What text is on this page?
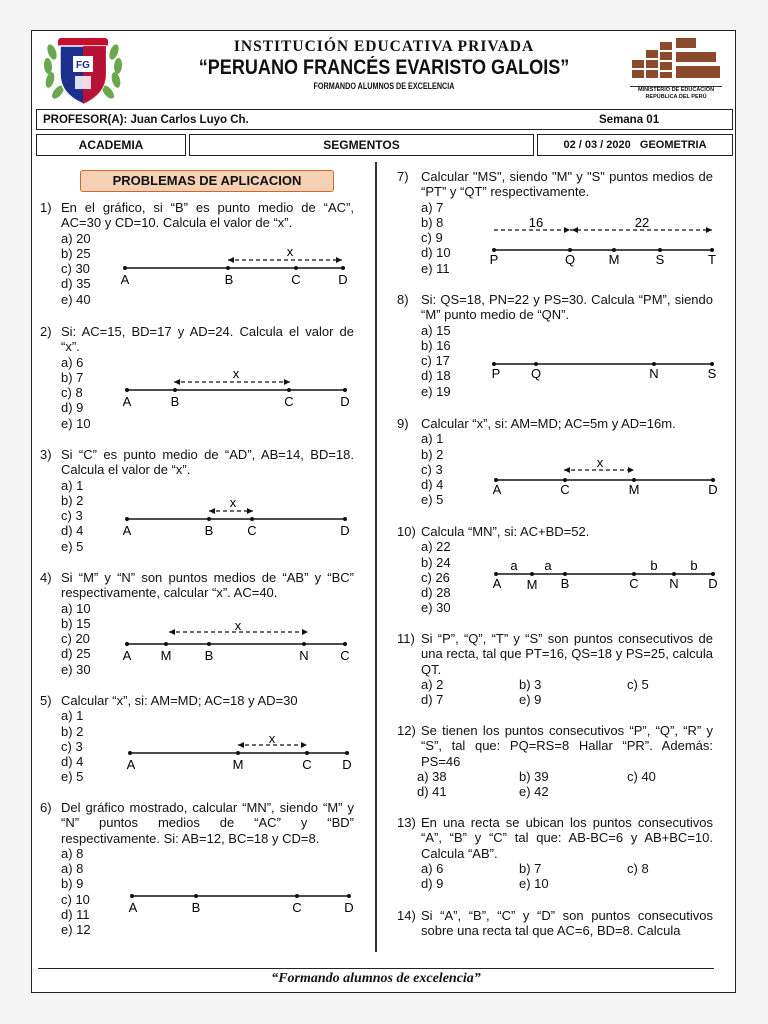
FG
MINISTERIO DE EDUCACIÓN
REPÚBLICA DEL PERÚ
INSTITUCIÓN EDUCATIVA PRIVADA
“PERUANO FRANCÉS EVARISTO GALOIS”
FORMANDO ALUMNOS DE EXCELENCIA
PROFESOR(A): Juan Carlos Luyo Ch.	Semana 01
ACADEMIA	SEGMENTOS	02 / 03 / 2020   GEOMETRIA
PROBLEMAS DE APLICACION
1) En el gráfico, si “B” es punto medio de “AC”, AC=30 y CD=10. Calcula el valor de “x”.
a) 20
b) 25
c) 30
d) 35
e) 40
x
A	B	C	D
2) Si: AC=15, BD=17 y AD=24. Calcula el valor de “x”.
a) 6
b) 7
c) 8
d) 9
e) 10
x
A	B	C	D
3) Si “C” es punto medio de “AD”, AB=14, BD=18. Calcula el valor de “x”.
a) 1
b) 2
c) 3
d) 4
e) 5
x
A	B	C	D
4) Si “M” y “N” son puntos medios de “AB” y “BC” respectivamente, calcular “x”. AC=40.
a) 10
b) 15
c) 20
d) 25
e) 30
x
A M	B	N C
5) Calcular “x”, si: AM=MD; AC=18 y AD=30
a) 1
b) 2
c) 3
d) 4
e) 5
x
A	M	C D
6) Del gráfico mostrado, calcular “MN”, siendo “M” y “N” puntos medios de “AC” y “BD” respectivamente. Si: AB=12, BC=18 y CD=8.
a) 8
a) 8
b) 9
c) 10
d) 11
e) 12
A	B	C	D
7) Calcular "MS", siendo "M" y "S" puntos medios de “PT” y “QT” respectivamente.
a) 7
b) 8
c) 9
d) 10
e) 11
16	22
P	Q	M	S	T
8) Si: QS=18, PN=22 y PS=30. Calcula “PM”, siendo “M” punto medio de “QN”.
a) 15
b) 16
c) 17
d) 18
e) 19
P Q	N	S
9) Calcular “x”, si: AM=MD; AC=5m y AD=16m.
a) 1
b) 2
c) 3
d) 4
e) 5
x
A	C	M	D
10) Calcula “MN”, si: AC+BD=52.
a) 22
b) 24
c) 26
d) 28
e) 30
a a	b	b
A M B	C N D
11) Si “P”, “Q”, “T” y “S” son puntos consecutivos de una recta, tal que PT=16, QS=18 y PS=25, calcula QT.
a) 2	b) 3	c) 5
d) 7	e) 9
12) Se tienen los puntos consecutivos “P”, “Q”, “R” y “S”, tal que: PQ=RS=8 Hallar “PR”. Además: PS=46
a) 38	b) 39	c) 40
d) 41	e) 42
13) En una recta se ubican los puntos consecutivos “A”, “B” y “C” tal que: AB-BC=6 y AB+BC=10. Calcula “AB”.
a) 6	b) 7	c) 8
d) 9	e) 10
14) Si “A”, “B”, “C” y “D” son puntos consecutivos sobre una recta tal que AC=6, BD=8. Calcula
“Formando alumnos de excelencia”
